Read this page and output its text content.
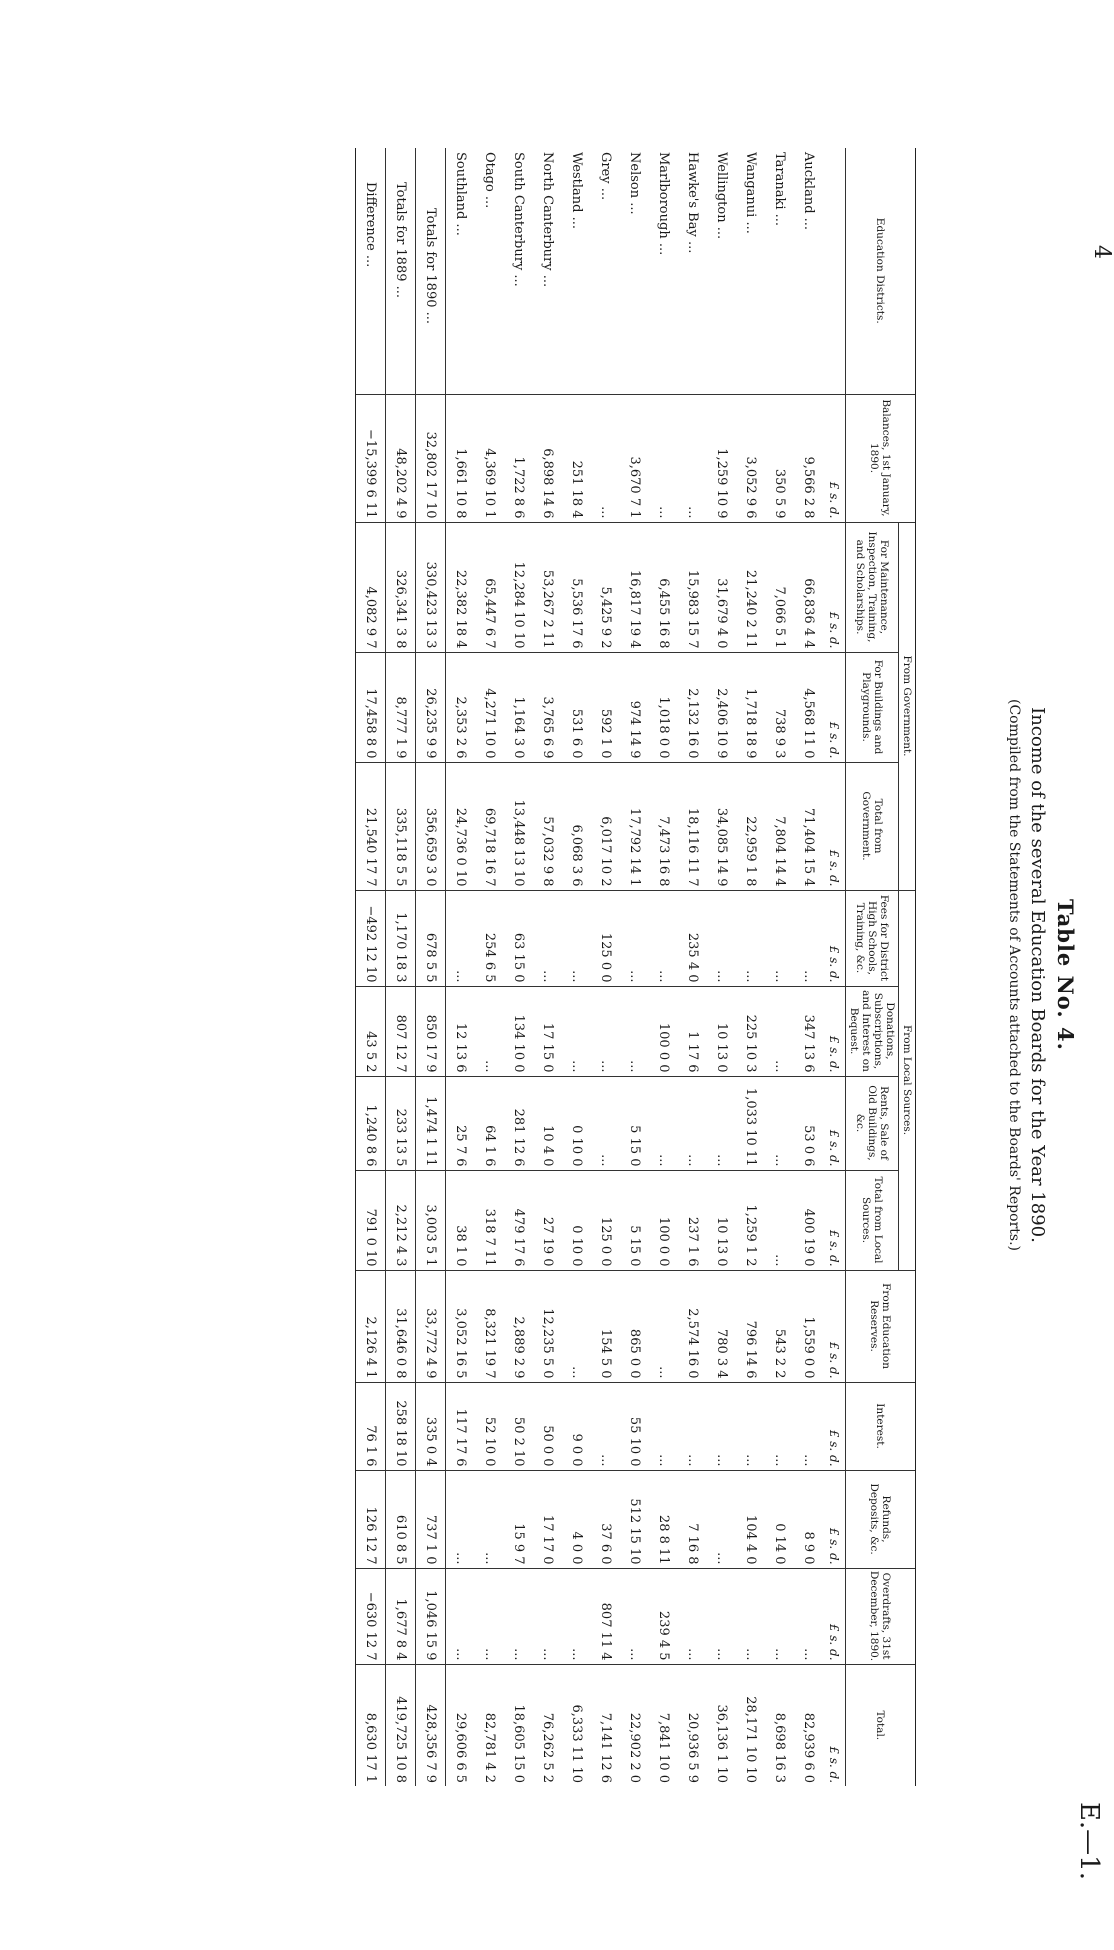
E.—1.
4
Table No. 4.
Income of the several Education Boards for the Year 1890.
(Compiled from the Statements of Accounts attached to the Boards' Reports.)
Education Districts.	Balances, 1st January, 1890.	From Government.			From Local Sources.				From Education Reserves.	Interest.	Refunds, Deposits, &c.	Overdrafts, 31st December, 1890.	Total.
		For Maintenance, Inspection, Training, and Scholarships.	For Buildings and Playgrounds.	Total from Government.	Fees for District High Schools, Training, &c.	Donations, Subscriptions, and Interest on Bequest.	Rents, Sale of Old Buildings, &c.	Total from Local Sources.					
	£ s. d.	£ s. d.	£ s. d.	£ s. d.	£ s. d.	£ s. d.	£ s. d.	£ s. d.	£ s. d.	£ s. d.	£ s. d.	£ s. d.	£ s. d.
Auckland ...	9,566 2 8	66,836 4 4	4,568 11 0	71,404 15 4	...	347 13 6	53 0 6	400 19 0	1,559 0 0	...	8 9 0	...	82,939 6 0
Taranaki ...	350 5 9	7,066 5 1	738 9 3	7,804 14 4	...	...	...	...	543 2 2	...	0 14 0	...	8,698 16 3
Wanganui ...	3,052 9 6	21,240 2 11	1,718 18 9	22,959 1 8	...	225 10 3	1,033 10 11	1,259 1 2	796 14 6	...	104 4 0	...	28,171 10 10
Wellington ...	1,259 10 9	31,679 4 0	2,406 10 9	34,085 14 9	...	10 13 0	...	10 13 0	780 3 4	...	...	...	36,136 1 10
Hawke's Bay ...	...	15,983 15 7	2,132 16 0	18,116 11 7	235 4 0	1 17 6	...	237 1 6	2,574 16 0	...	7 16 8	...	20,936 5 9
Marlborough ...	...	6,455 16 8	1,018 0 0	7,473 16 8	...	100 0 0	...	100 0 0	...	...	28 8 11	239 4 5	7,841 10 0
Nelson ...	3,670 7 1	16,817 19 4	974 14 9	17,792 14 1	...	...	5 15 0	5 15 0	865 0 0	55 10 0	512 15 10	...	22,902 2 0
Grey ...	...	5,425 9 2	592 1 0	6,017 10 2	125 0 0	...	...	125 0 0	154 5 0	...	37 6 0	807 11 4	7,141 12 6
Westland ...	251 18 4	5,536 17 6	531 6 0	6,068 3 6	...	...	0 10 0	0 10 0	...	9 0 0	4 0 0	...	6,333 11 10
North Canterbury ...	6,898 14 6	53,267 2 11	3,765 6 9	57,032 9 8	...	17 15 0	10 4 0	27 19 0	12,235 5 0	50 0 0	17 17 0	...	76,262 5 2
South Canterbury ...	1,722 8 6	12,284 10 10	1,164 3 0	13,448 13 10	63 15 0	134 10 0	281 12 6	479 17 6	2,889 2 9	50 2 10	15 9 7	...	18,605 15 0
Otago ...	4,369 10 1	65,447 6 7	4,271 10 0	69,718 16 7	254 6 5	...	64 1 6	318 7 11	8,321 19 7	52 10 0	...	...	82,781 4 2
Southland ...	1,661 10 8	22,382 18 4	2,353 2 6	24,736 0 10	...	12 13 6	25 7 6	38 1 0	3,052 16 5	117 17 6	...	...	29,606 6 5
Totals for 1890 ...	32,802 17 10	330,423 13 3	26,235 9 9	356,659 3 0	678 5 5	850 17 9	1,474 1 11	3,003 5 1	33,772 4 9	335 0 4	737 1 0	1,046 15 9	428,356 7 9
Totals for 1889 ...	48,202 4 9	326,341 3 8	8,777 1 9	335,118 5 5	1,170 18 3	807 12 7	233 13 5	2,212 4 3	31,646 0 8	258 18 10	610 8 5	1,677 8 4	419,725 10 8
Difference ...	−15,399 6 11	4,082 9 7	17,458 8 0	21,540 17 7	−492 12 10	43 5 2	1,240 8 6	791 0 10	2,126 4 1	76 1 6	126 12 7	−630 12 7	8,630 17 1
